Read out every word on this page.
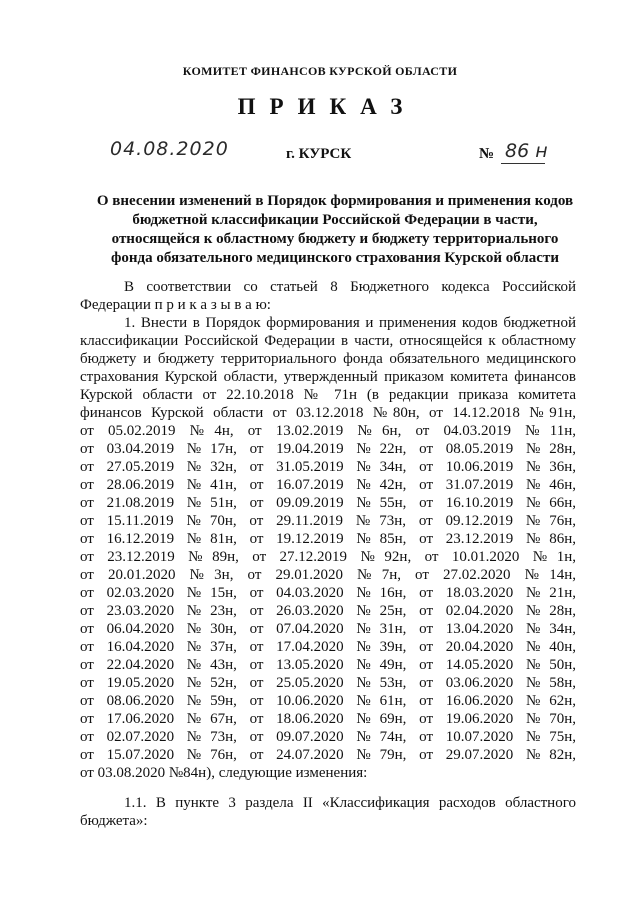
КОМИТЕТ ФИНАНСОВ КУРСКОЙ ОБЛАСТИ
ПРИКАЗ
04.08.2020	г. КУРСК	№ 86 н
О внесении изменений в Порядок формирования и применения кодов
бюджетной классификации Российской Федерации в части,
относящейся к областному бюджету и бюджету территориального
фонда обязательного медицинского страхования Курской области
В соответствии со статьей 8 Бюджетного кодекса Российской
Федерации п р и к а з ы в а ю:
1. Внести в Порядок формирования и применения кодов бюджетной
классификации Российской Федерации в части, относящейся к областному
бюджету и бюджету территориального фонда обязательного медицинского
страхования Курской области, утвержденный приказом комитета финансов
Курской области от 22.10.2018 № 71н (в редакции приказа комитета
финансов Курской области от 03.12.2018 №80н, от 14.12.2018 №91н,
от 05.02.2019 №4н, от 13.02.2019 №6н, от 04.03.2019 №11н,
от 03.04.2019 №17н, от 19.04.2019 №22н, от 08.05.2019 №28н,
от 27.05.2019 №32н, от 31.05.2019 №34н, от 10.06.2019 №36н,
от 28.06.2019 №41н, от 16.07.2019 №42н, от 31.07.2019 №46н,
от 21.08.2019 №51н, от 09.09.2019 №55н, от 16.10.2019 №66н,
от 15.11.2019 №70н, от 29.11.2019 №73н, от 09.12.2019 №76н,
от 16.12.2019 №81н, от 19.12.2019 №85н, от 23.12.2019 №86н,
от 23.12.2019 №89н, от 27.12.2019 №92н, от 10.01.2020 №1н,
от 20.01.2020 №3н, от 29.01.2020 №7н, от 27.02.2020 №14н,
от 02.03.2020 №15н, от 04.03.2020 №16н, от 18.03.2020 №21н,
от 23.03.2020 №23н, от 26.03.2020 №25н, от 02.04.2020 №28н,
от 06.04.2020 №30н, от 07.04.2020 №31н, от 13.04.2020 №34н,
от 16.04.2020 №37н, от 17.04.2020 №39н, от 20.04.2020 №40н,
от 22.04.2020 №43н, от 13.05.2020 №49н, от 14.05.2020 №50н,
от 19.05.2020 №52н, от 25.05.2020 №53н, от 03.06.2020 №58н,
от 08.06.2020 №59н, от 10.06.2020 №61н, от 16.06.2020 №62н,
от 17.06.2020 №67н, от 18.06.2020 №69н, от 19.06.2020 №70н,
от 02.07.2020 №73н, от 09.07.2020 №74н, от 10.07.2020 №75н,
от 15.07.2020 №76н, от 24.07.2020 №79н, от 29.07.2020 №82н,
от 03.08.2020 №84н), следующие изменения:
1.1. В пункте 3 раздела II «Классификация расходов областного
бюджета»:
